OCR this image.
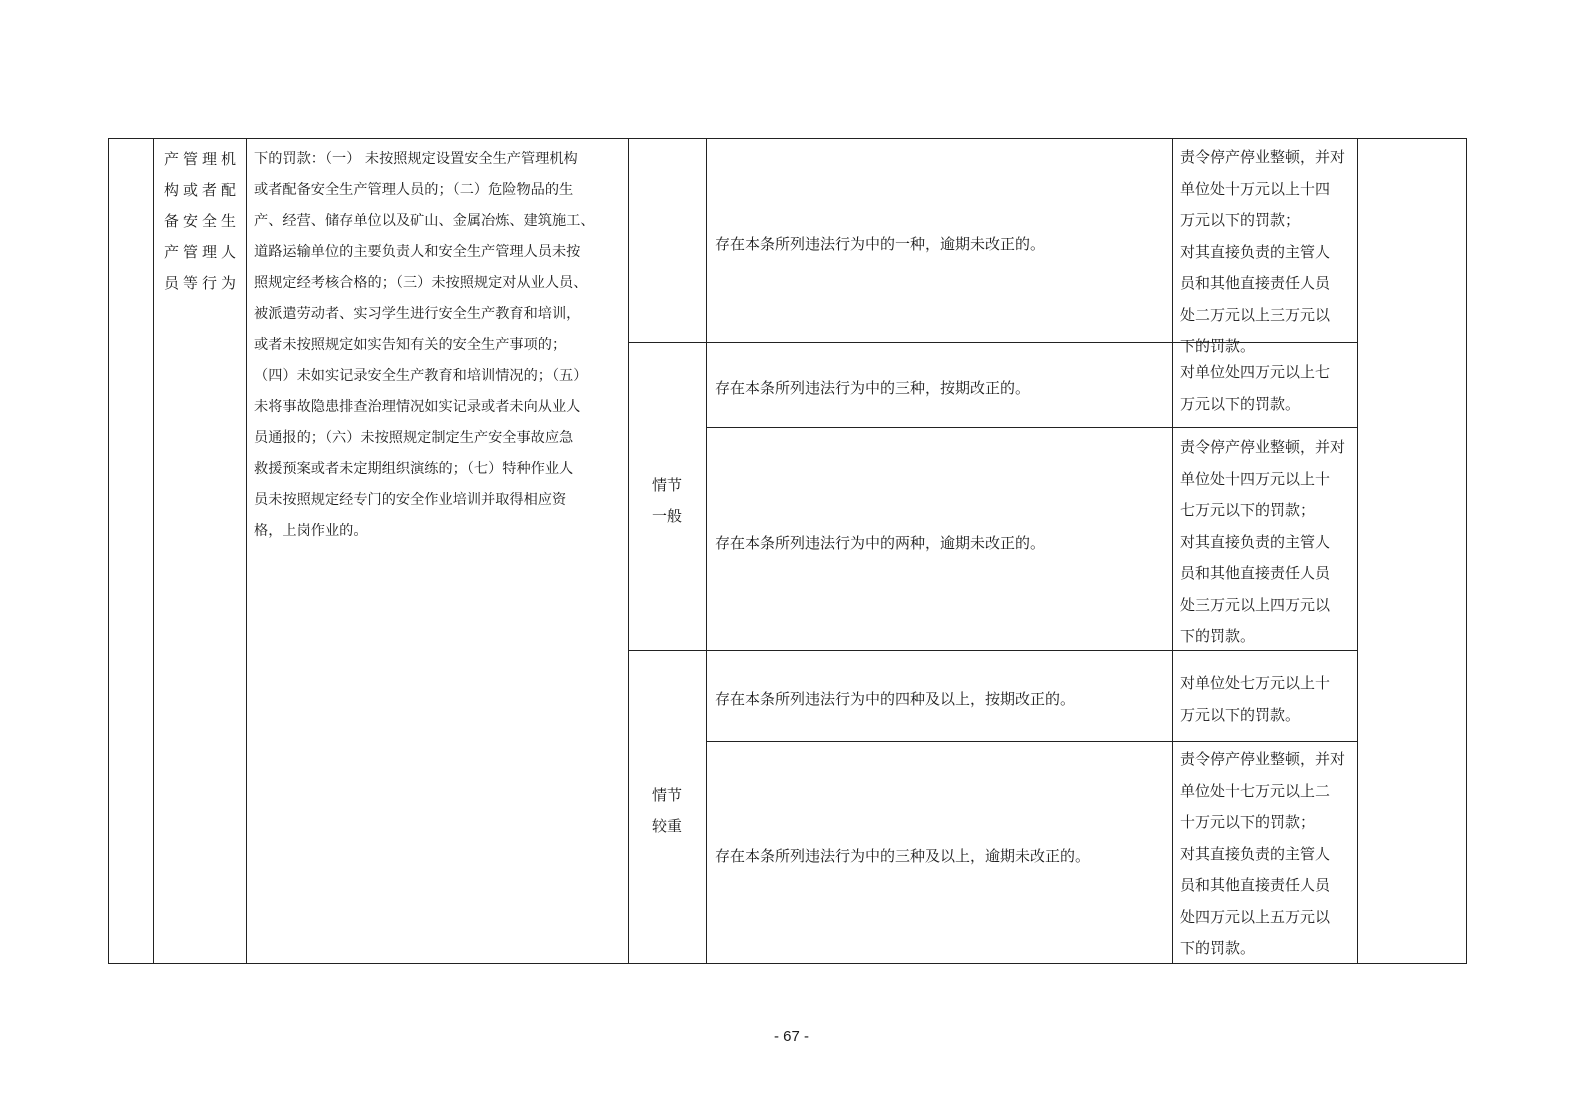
产管理机
构或者配
备安全生
产管理人
员等行为
下的罚款：（一） 未按照规定设置安全生产管理机构
或者配备安全生产管理人员的；（二）危险物品的生
产、经营、储存单位以及矿山、金属冶炼、建筑施工、
道路运输单位的主要负责人和安全生产管理人员未按
照规定经考核合格的；（三）未按照规定对从业人员、
被派遣劳动者、实习学生进行安全生产教育和培训，
或者未按照规定如实告知有关的安全生产事项的；
（四）未如实记录安全生产教育和培训情况的；（五）
未将事故隐患排查治理情况如实记录或者未向从业人
员通报的；（六）未按照规定制定生产安全事故应急
救援预案或者未定期组织演练的；（七）特种作业人
员未按照规定经专门的安全作业培训并取得相应资
格，上岗作业的。
情节
一般
情节
较重
存在本条所列违法行为中的一种，逾期未改正的。
存在本条所列违法行为中的三种，按期改正的。
存在本条所列违法行为中的两种，逾期未改正的。
存在本条所列违法行为中的四种及以上，按期改正的。
存在本条所列违法行为中的三种及以上，逾期未改正的。
责令停产停业整顿，并对
单位处十万元以上十四
万元以下的罚款；
对其直接负责的主管人
员和其他直接责任人员
处二万元以上三万元以
下的罚款。
对单位处四万元以上七
万元以下的罚款。
责令停产停业整顿，并对
单位处十四万元以上十
七万元以下的罚款；
对其直接负责的主管人
员和其他直接责任人员
处三万元以上四万元以
下的罚款。
对单位处七万元以上十
万元以下的罚款。
责令停产停业整顿，并对
单位处十七万元以上二
十万元以下的罚款；
对其直接负责的主管人
员和其他直接责任人员
处四万元以上五万元以
下的罚款。
- 67 -
